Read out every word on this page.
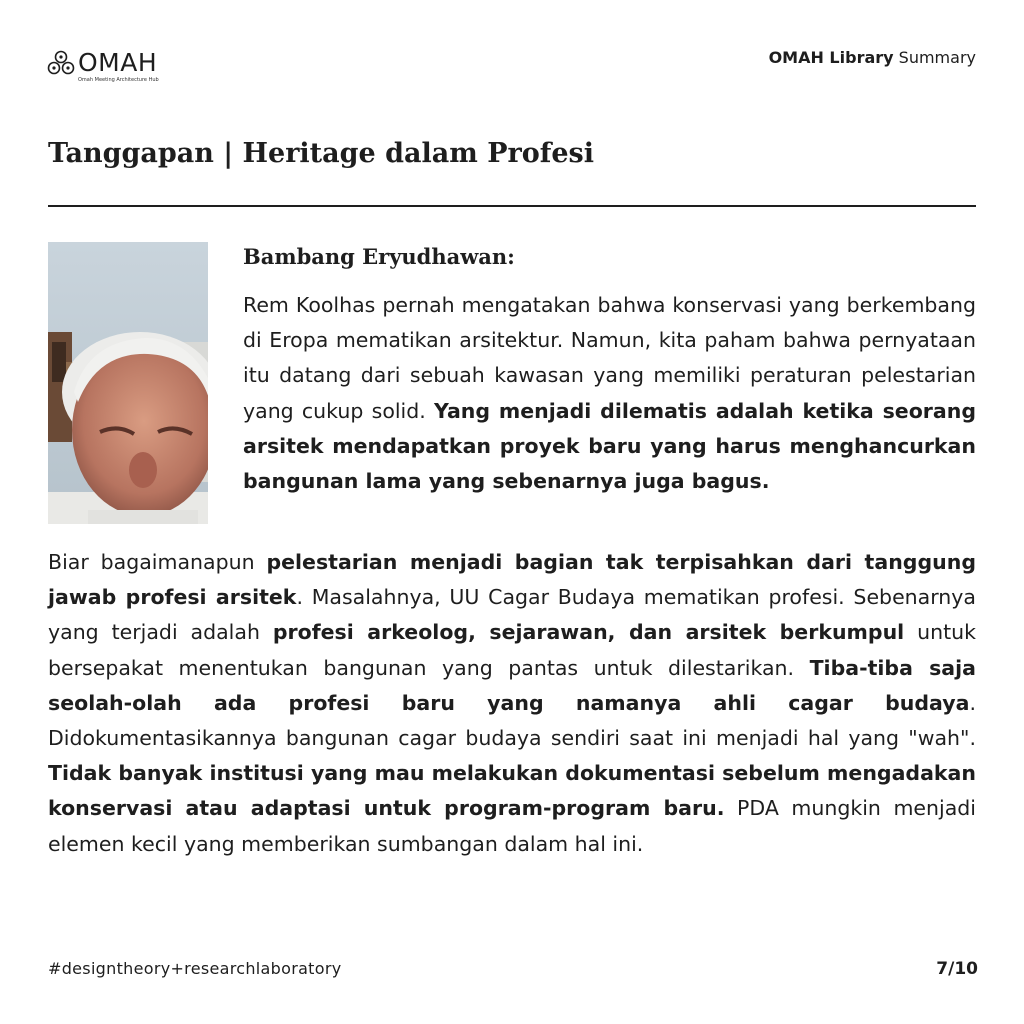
OMAH
Omah Meeting Architecture Hub
OMAH Library Summary
Tanggapan | Heritage dalam Profesi
Bambang Eryudhawan:

Rem Koolhas pernah mengatakan bahwa konservasi yang berkembang di Eropa mematikan arsitektur. Namun, kita paham bahwa pernyataan itu datang dari sebuah kawasan yang memiliki peraturan pelestarian yang cukup solid. Yang menjadi dilematis adalah ketika seorang arsitek mendapatkan proyek baru yang harus menghancurkan bangunan lama yang sebenarnya juga bagus.

Biar bagaimanapun pelestarian menjadi bagian tak terpisahkan dari tanggung jawab profesi arsitek. Masalahnya, UU Cagar Budaya mematikan profesi. Sebenarnya yang terjadi adalah profesi arkeolog, sejarawan, dan arsitek berkumpul untuk bersepakat menentukan bangunan yang pantas untuk dilestarikan. Tiba-tiba saja seolah-olah ada profesi baru yang namanya ahli cagar budaya. Didokumentasikannya bangunan cagar budaya sendiri saat ini menjadi hal yang "wah". Tidak banyak institusi yang mau melakukan dokumentasi sebelum mengadakan konservasi atau adaptasi untuk program-program baru. PDA mungkin menjadi elemen kecil yang memberikan sumbangan dalam hal ini.

#designtheory+researchlaboratory	7/10
